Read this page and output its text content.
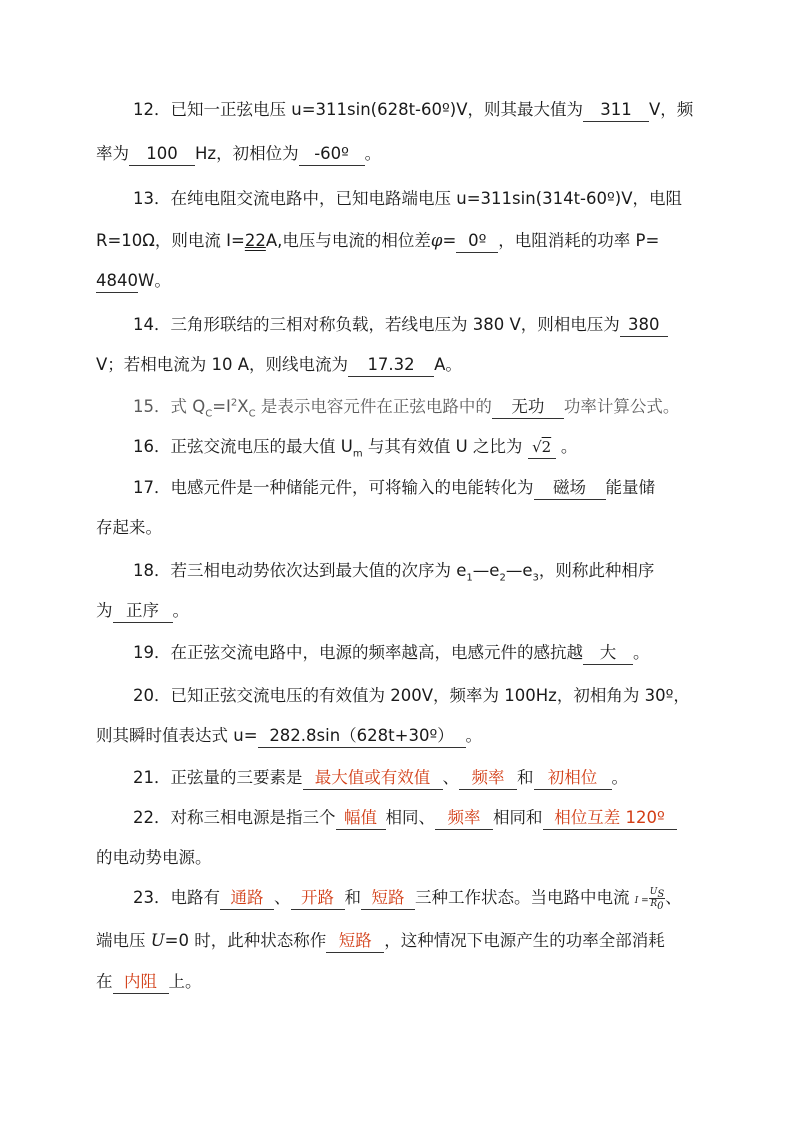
12．已知一正弦电压 u=311sin(628t-60º)V，则其最大值为 311 V，频
率为 100 Hz，初相位为 -60º 。
13．在纯电阻交流电路中，已知电路端电压 u=311sin(314t-60º)V，电阻
R=10Ω，则电流 I=22A,电压与电流的相位差φ= 0º ，电阻消耗的功率 P=
4840W。
14．三角形联结的三相对称负载，若线电压为 380 V，则相电压为 380
V；若相电流为 10 A，则线电流为 17.32 A。
15．式 $Q_C=I^2X_C$ 是表示电容元件在正弦电路中的 无功 功率计算公式。
16．正弦交流电压的最大值 $U_m$ 与其有效值 U 之比为 √2 。
17．电感元件是一种储能元件，可将输入的电能转化为 磁场 能量储
存起来。
18．若三相电动势依次达到最大值的次序为 $e_1—e_2—e_3$，则称此种相序
为 正序 。
19．在正弦交流电路中，电源的频率越高，电感元件的感抗越 大 。
20．已知正弦交流电压的有效值为 200V，频率为 100Hz，初相角为 30º，
则其瞬时值表达式 u= 282.8sin（628t+30º） 。
21．正弦量的三要素是 最大值或有效值 、 频率 和 初相位 。
22．对称三相电源是指三个 幅值 相同、 频率 相同和 相位互差 120º
的电动势电源。
23．电路有 通路 、 开路 和 短路 三种工作状态。当电路中电流 $I = \frac{U_S}{R_0}$ 、
端电压 U=0 时，此种状态称作 短路 ，这种情况下电源产生的功率全部消耗
在 内阻 上。
